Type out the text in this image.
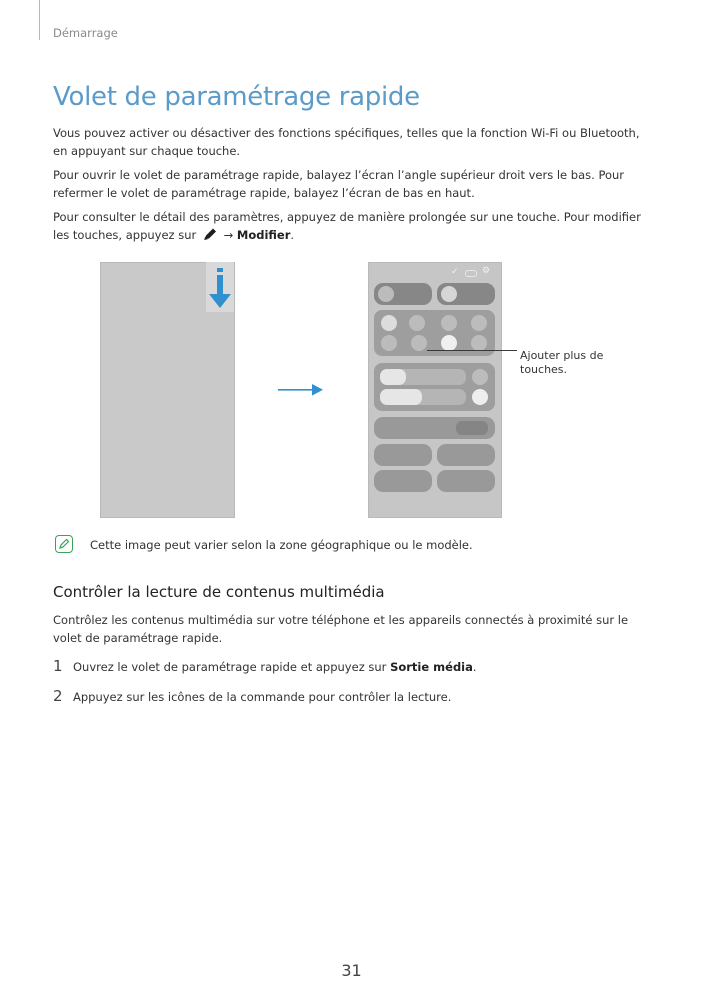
Démarrage
Volet de paramétrage rapide
Vous pouvez activer ou désactiver des fonctions spécifiques, telles que la fonction Wi-Fi ou Bluetooth, en appuyant sur chaque touche.
Pour ouvrir le volet de paramétrage rapide, balayez l’écran l’angle supérieur droit vers le bas. Pour refermer le volet de paramétrage rapide, balayez l’écran de bas en haut.
Pour consulter le détail des paramètres, appuyez de manière prolongée sur une touche. Pour modifier les touches, appuyez sur → Modifier.
✓	⚙
Ajouter plus de touches.
Cette image peut varier selon la zone géographique ou le modèle.
Contrôler la lecture de contenus multimédia
Contrôlez les contenus multimédia sur votre téléphone et les appareils connectés à proximité sur le volet de paramétrage rapide.
1 Ouvrez le volet de paramétrage rapide et appuyez sur Sortie média.
2 Appuyez sur les icônes de la commande pour contrôler la lecture.
31
